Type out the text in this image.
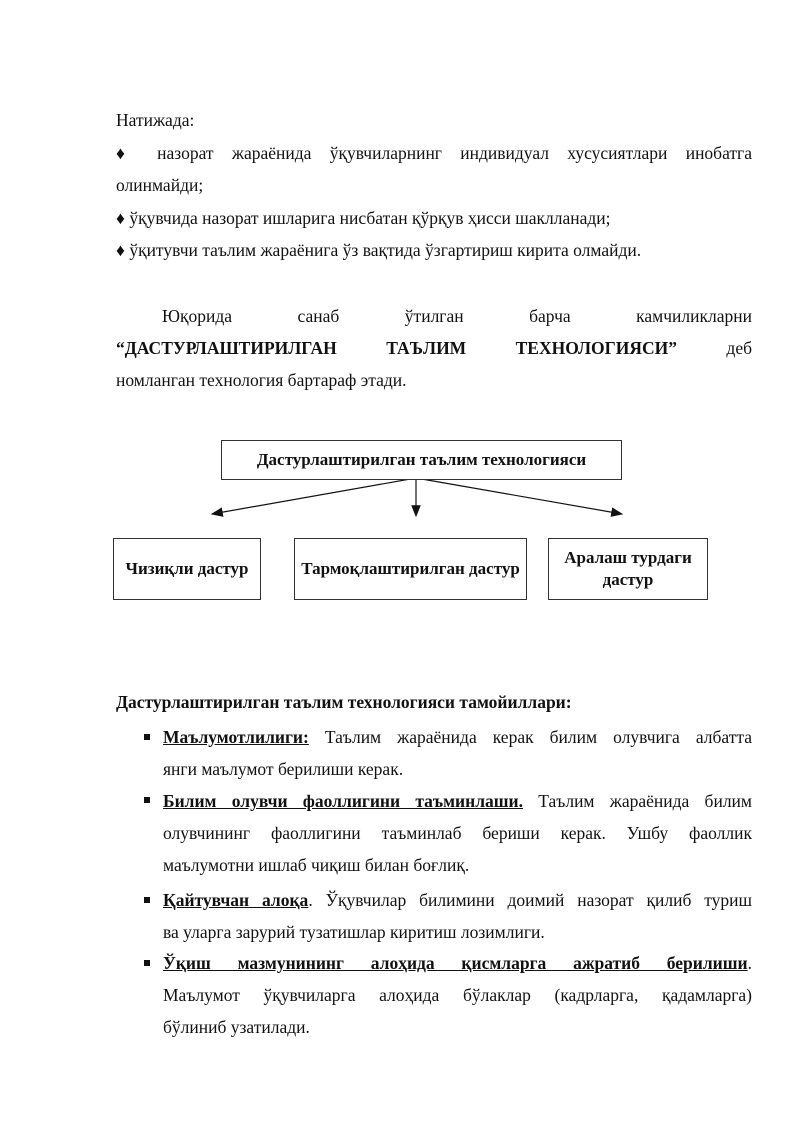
Натижада:
♦ назорат жараёнида ўқувчиларнинг индивидуал хусусиятлари инобатга
олинмайди;
♦ ўқувчида назорат ишларига нисбатан қўрқув ҳисси шаклланади;
♦ ўқитувчи таълим жараёнига ўз вақтида ўзгартириш кирита олмайди.
Юқорида санаб ўтилган барча камчиликларни
“ДАСТУРЛАШТИРИЛГАН ТАЪЛИМ ТЕХНОЛОГИЯСИ”	деб
номланган технология бартараф этади.
Дастурлаштирилган таълим технологияси тамойиллари:
Маълумотлилиги: Таълим жараёнида керак билим олувчига албатта
янги маълумот берилиши керак.
Билим олувчи фаоллигини таъминлаши. Таълим жараёнида билим
олувчининг фаоллигини таъминлаб бериши керак. Ушбу фаоллик
маълумотни ишлаб чиқиш билан боғлиқ.
Қайтувчан алоқа. Ўқувчилар билимини доимий назорат қилиб туриш
ва уларга зарурий тузатишлар киритиш лозимлиги.
Ўқиш мазмунининг алоҳида қисмларга ажратиб берилиши.
Маълумот ўқувчиларга алоҳида бўлаклар (кадрларга, қадамларга)
бўлиниб узатилади.
Дастурлаштирилган таълим технологияси
Чизиқли дастур	Тармоқлаштирилган дастур
Аралаш турдаги дастур
